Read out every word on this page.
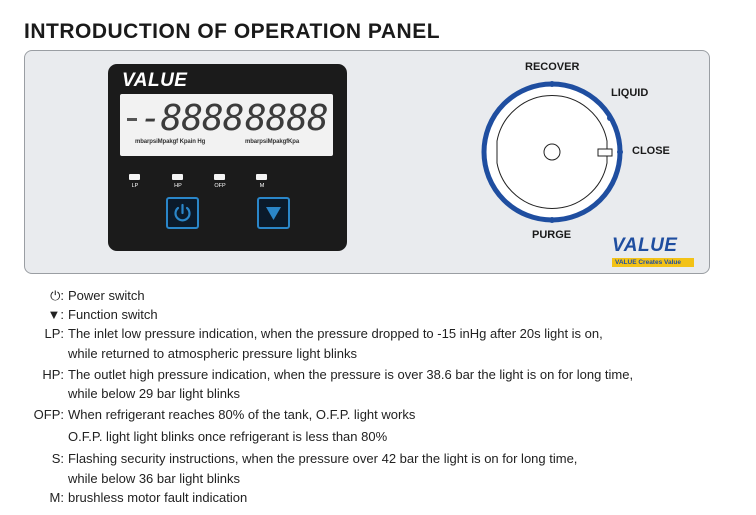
INTRODUCTION OF OPERATION PANEL
VALUE
-8888 8888
mbarpsiMpakgf Kpain Hg	mbarpsiMpakgfKpa
LP	HP	OFP	M
RECOVER
LIQUID
CLOSE
PURGE VALUE
VALUE Creates Value
⏻: Power switch
▼: Function switch
LP: The inlet low pressure indication, when the pressure dropped to -15 inHg after 20s light is on,
while returned to atmospheric pressure light blinks
HP: The outlet high pressure indication, when the pressure is over 38.6 bar the light is on for long time,
while below 29 bar light blinks
OFP: When refrigerant reaches 80% of the tank, O.F.P. light works
O.F.P. light light blinks once refrigerant is less than 80%
S: Flashing security instructions, when the pressure over 42 bar the light is on for long time,
while below 36 bar light blinks
M: brushless motor fault indication
